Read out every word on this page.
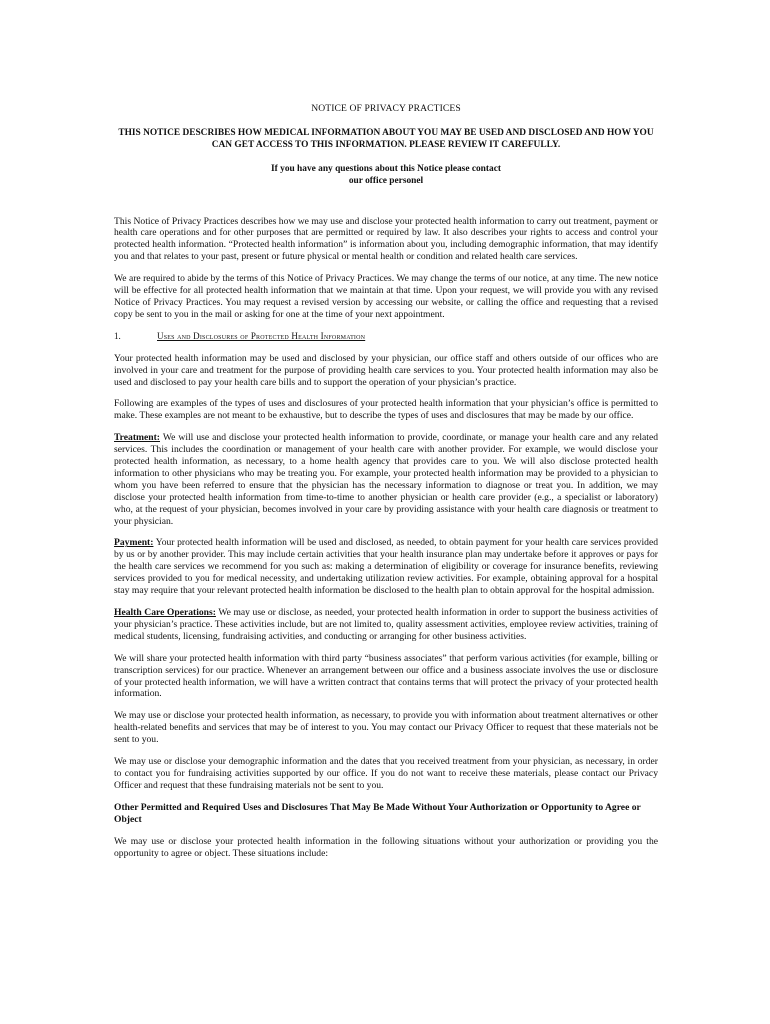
NOTICE OF PRIVACY PRACTICES
THIS NOTICE DESCRIBES HOW MEDICAL INFORMATION ABOUT YOU MAY BE USED AND DISCLOSED AND HOW YOU CAN GET ACCESS TO THIS INFORMATION. PLEASE REVIEW IT CAREFULLY.
If you have any questions about this Notice please contact
our office personel

This Notice of Privacy Practices describes how we may use and disclose your protected health information to carry out treatment, payment or health care operations and for other purposes that are permitted or required by law. It also describes your rights to access and control your protected health information. “Protected health information” is information about you, including demographic information, that may identify you and that relates to your past, present or future physical or mental health or condition and related health care services.

We are required to abide by the terms of this Notice of Privacy Practices. We may change the terms of our notice, at any time. The new notice will be effective for all protected health information that we maintain at that time. Upon your request, we will provide you with any revised Notice of Privacy Practices. You may request a revised version by accessing our website, or calling the office and requesting that a revised copy be sent to you in the mail or asking for one at the time of your next appointment.

1.	Uses and Disclosures of Protected Health Information

Your protected health information may be used and disclosed by your physician, our office staff and others outside of our offices who are involved in your care and treatment for the purpose of providing health care services to you. Your protected health information may also be used and disclosed to pay your health care bills and to support the operation of your physician’s practice.

Following are examples of the types of uses and disclosures of your protected health information that your physician’s office is permitted to make. These examples are not meant to be exhaustive, but to describe the types of uses and disclosures that may be made by our office.

Treatment: We will use and disclose your protected health information to provide, coordinate, or manage your health care and any related services. This includes the coordination or management of your health care with another provider. For example, we would disclose your protected health information, as necessary, to a home health agency that provides care to you. We will also disclose protected health information to other physicians who may be treating you. For example, your protected health information may be provided to a physician to whom you have been referred to ensure that the physician has the necessary information to diagnose or treat you. In addition, we may disclose your protected health information from time-to-time to another physician or health care provider (e.g., a specialist or laboratory) who, at the request of your physician, becomes involved in your care by providing assistance with your health care diagnosis or treatment to your physician.

Payment: Your protected health information will be used and disclosed, as needed, to obtain payment for your health care services provided by us or by another provider. This may include certain activities that your health insurance plan may undertake before it approves or pays for the health care services we recommend for you such as: making a determination of eligibility or coverage for insurance benefits, reviewing services provided to you for medical necessity, and undertaking utilization review activities. For example, obtaining approval for a hospital stay may require that your relevant protected health information be disclosed to the health plan to obtain approval for the hospital admission.

Health Care Operations: We may use or disclose, as needed, your protected health information in order to support the business activities of your physician’s practice. These activities include, but are not limited to, quality assessment activities, employee review activities, training of medical students, licensing, fundraising activities, and conducting or arranging for other business activities.

We will share your protected health information with third party “business associates” that perform various activities (for example, billing or transcription services) for our practice. Whenever an arrangement between our office and a business associate involves the use or disclosure of your protected health information, we will have a written contract that contains terms that will protect the privacy of your protected health information.

We may use or disclose your protected health information, as necessary, to provide you with information about treatment alternatives or other health-related benefits and services that may be of interest to you. You may contact our Privacy Officer to request that these materials not be sent to you.

We may use or disclose your demographic information and the dates that you received treatment from your physician, as necessary, in order to contact you for fundraising activities supported by our office. If you do not want to receive these materials, please contact our Privacy Officer and request that these fundraising materials not be sent to you.

Other Permitted and Required Uses and Disclosures That May Be Made Without Your Authorization or Opportunity to Agree or Object

We may use or disclose your protected health information in the following situations without your authorization or providing you the opportunity to agree or object. These situations include:
